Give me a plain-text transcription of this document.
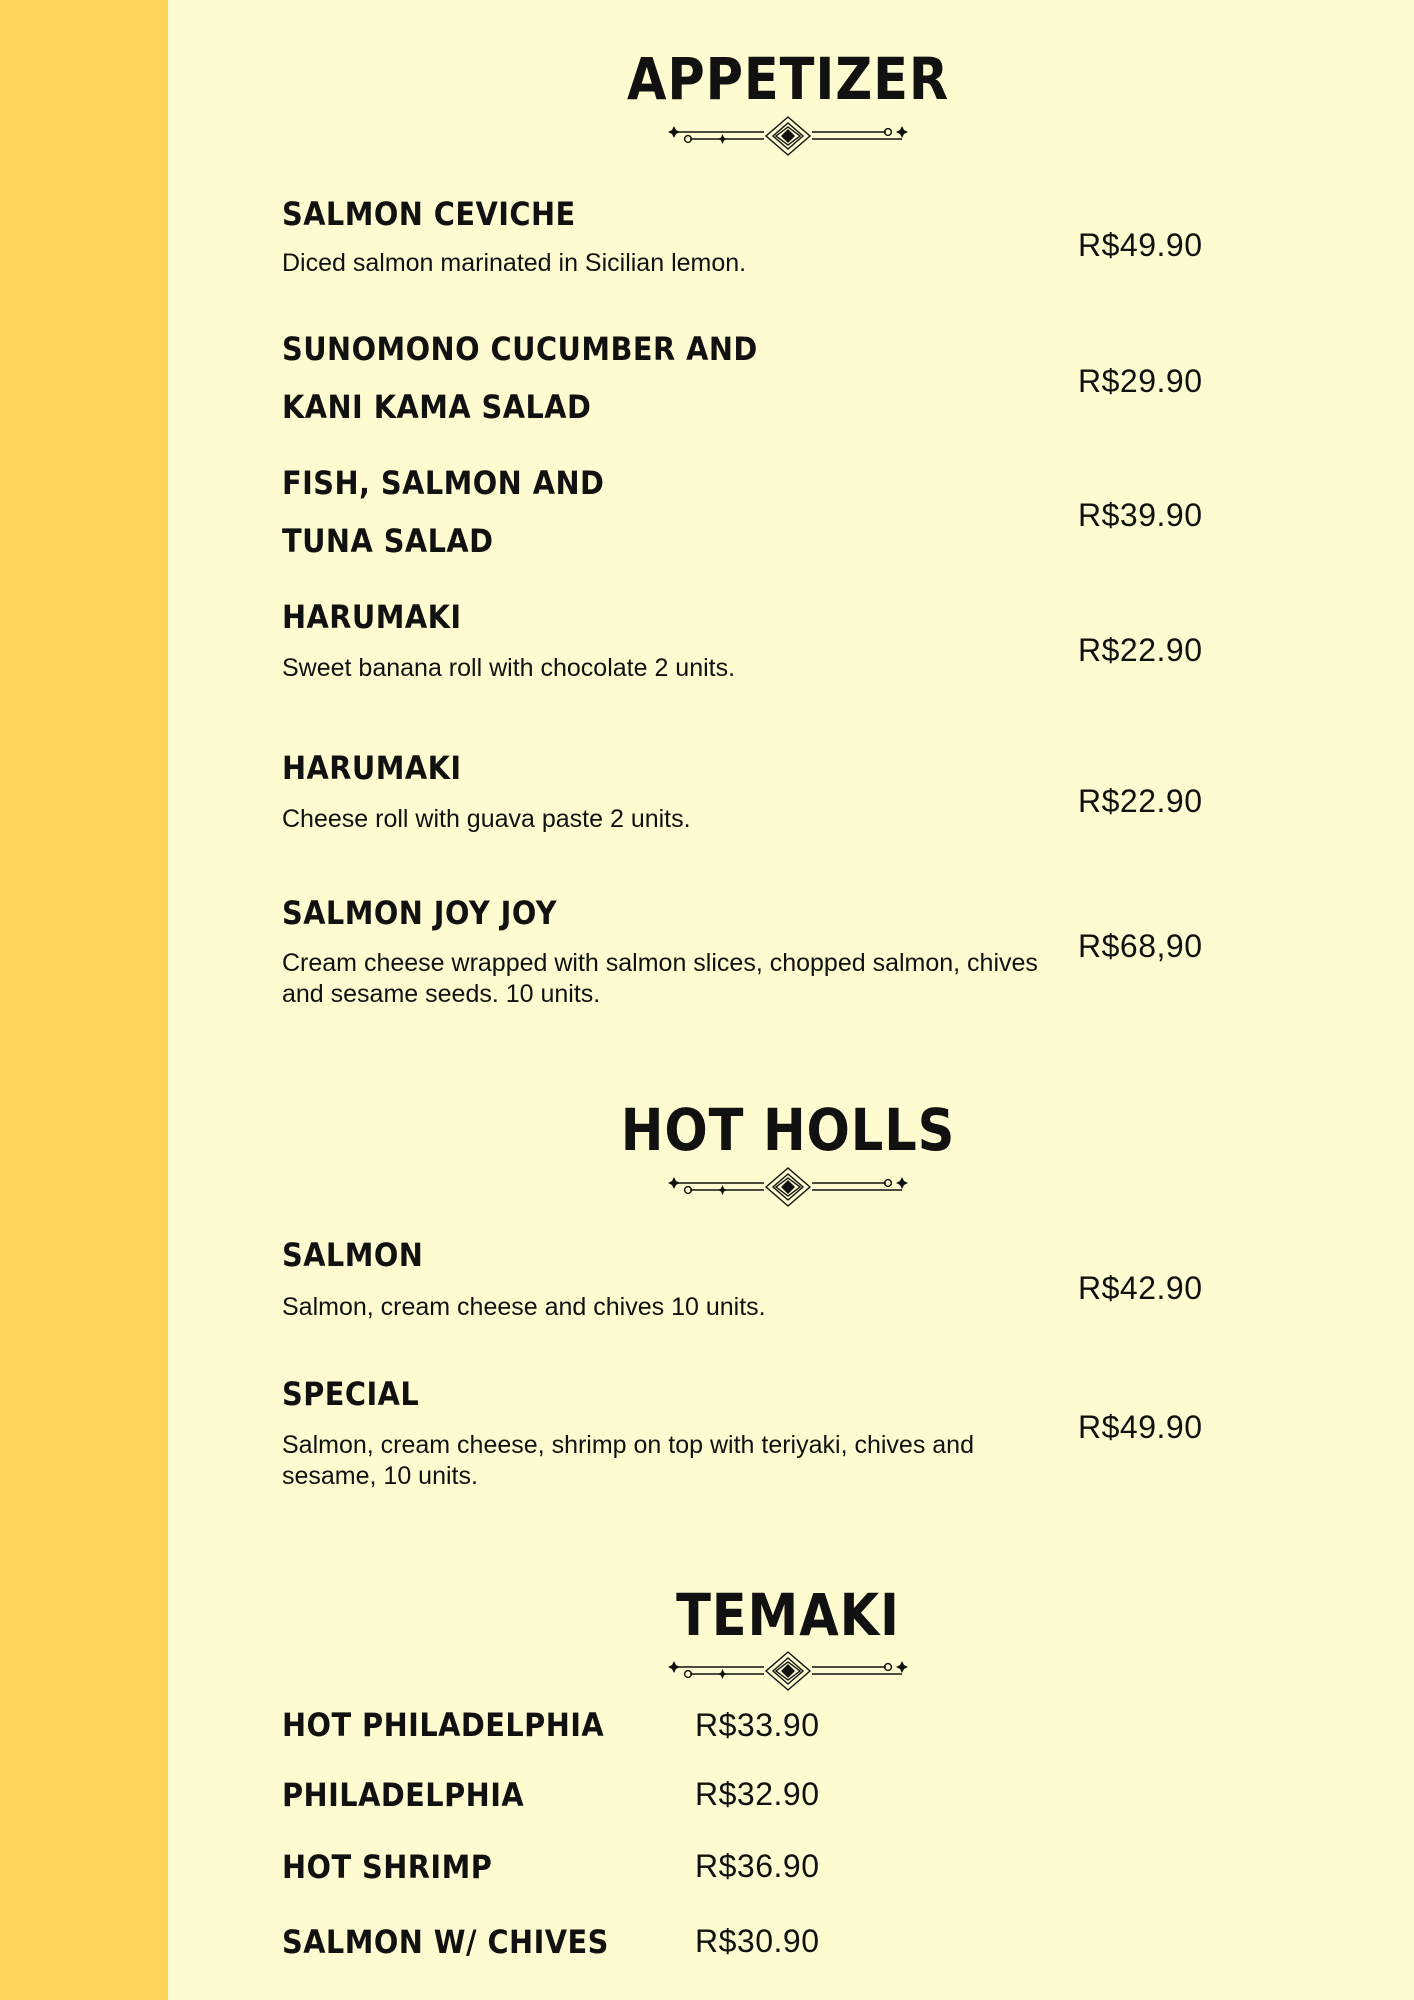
APPETIZER
SALMON CEVICHE
Diced salmon marinated in Sicilian lemon.	R$49.90
SUNOMONO CUCUMBER AND
KANI KAMA SALAD
R$29.90
FISH, SALMON AND
TUNA SALAD
R$39.90
HARUMAKI
Sweet banana roll with chocolate 2 units.	R$22.90
HARUMAKI
Cheese roll with guava paste 2 units.	R$22.90
SALMON JOY JOY
Cream cheese wrapped with salmon slices, chopped salmon, chives and sesame seeds. 10 units.
R$68,90
HOT HOLLS
SALMON
Salmon, cream cheese and chives 10 units.
R$42.90
SPECIAL
Salmon, cream cheese, shrimp on top with teriyaki, chives and sesame, 10 units.
R$49.90
TEMAKI
HOT PHILADELPHIA	R$33.90
PHILADELPHIA	R$32.90
HOT SHRIMP	R$36.90
SALMON W/ CHIVES	R$30.90
